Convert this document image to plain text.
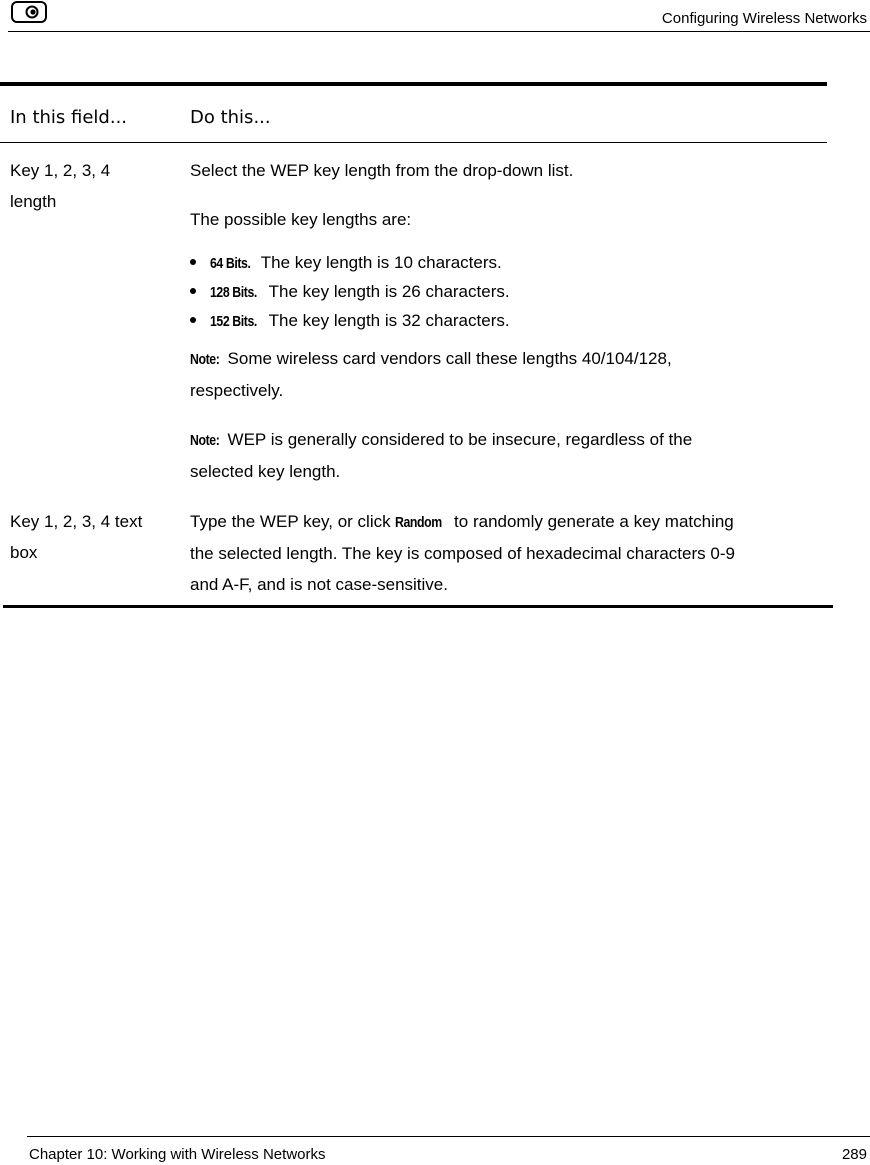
Configuring Wireless Networks
In this field...	Do this...
Key 1, 2, 3, 4
length
Select the WEP key length from the drop-down list.
The possible key lengths are:
64 Bits. The key length is 10 characters.
128 Bits. The key length is 26 characters.
152 Bits. The key length is 32 characters.
Note: Some wireless card vendors call these lengths 40/104/128,
respectively.
Note: WEP is generally considered to be insecure, regardless of the
selected key length.
Key 1, 2, 3, 4 text
box
Type the WEP key, or click Random to randomly generate a key matching
the selected length. The key is composed of hexadecimal characters 0-9
and A-F, and is not case-sensitive.
Chapter 10: Working with Wireless Networks	289
